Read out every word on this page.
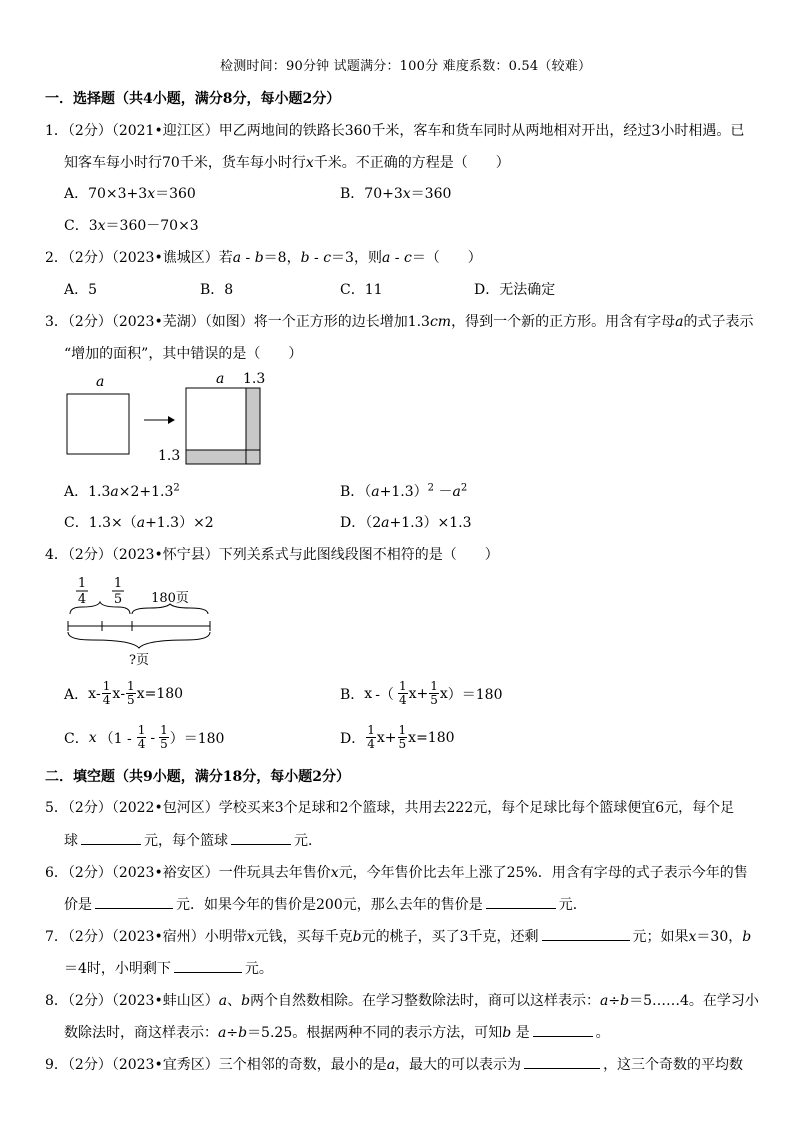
检测时间：90分钟 试题满分：100分 难度系数：0.54（较难）
一．选择题（共4小题，满分8分，每小题2分）
1．（2分）（2021•迎江区）甲乙两地间的铁路长360千米，客车和货车同时从两地相对开出，经过3小时相遇。已
知客车每小时行70千米，货车每小时行x千米。不正确的方程是（　　）
A．70×3+3x＝360	B．70+3x＝360
C．3x＝360－70×3
2．（2分）（2023•谯城区）若a - b＝8，b - c＝3，则a - c＝（　　）
A．5	B．8	C．11	D．无法确定
3．（2分）（2023•芜湖）（如图）将一个正方形的边长增加1.3cm，得到一个新的正方形。用含有字母a的式子表示
“增加的面积”，其中错误的是（　　）
a	a 1.3
1.3
A．$1.3a\times 2+1.3^2$	B．$(a+1.3)^2 -a^2$
C．1.3×（a+1.3）×2	D．（2a+1.3）×1.3
4．（2分）（2023•怀宁县）下列关系式与此图线段图不相符的是（　　）
1
4
1
5 180页
?页
A． x - $\frac{1}{4}$ x - $\frac{1}{5}$ x =180	B． x -（ $\frac{1}{4}$ $x + \frac{1}{5}$ x ）＝180
C． x $(1 - \frac{1}{4} - \frac{1}{5} )=180$	D． $\frac{1}{4}$ $x + \frac{1}{5}$ x =180
二．填空题（共9小题，满分18分，每小题2分）
5．（2分）（2022•包河区）学校买来3个足球和2个篮球，共用去222元，每个足球比每个篮球便宜6元，每个足
球	元，每个篮球	元．
6．（2分）（2023•裕安区）一件玩具去年售价x元，今年售价比去年上涨了25%．用含有字母的式子表示今年的售
价是	元．如果今年的售价是200元，那么去年的售价是	元．
7．（2分）（2023•宿州）小明带x元钱，买每千克b元的桃子，买了3千克，还剩	元；如果x＝30，b
＝4时，小明剩下	元。
8．（2分）（2023•蚌山区）a、b两个自然数相除。在学习整数除法时，商可以这样表示：a÷b＝5……4。在学习小
数除法时，商这样表示：a÷b＝5.25。根据两种不同的表示方法，可知b 是	。
9．（2分）（2023•宜秀区）三个相邻的奇数，最小的是a，最大的可以表示为	，这三个奇数的平均数
